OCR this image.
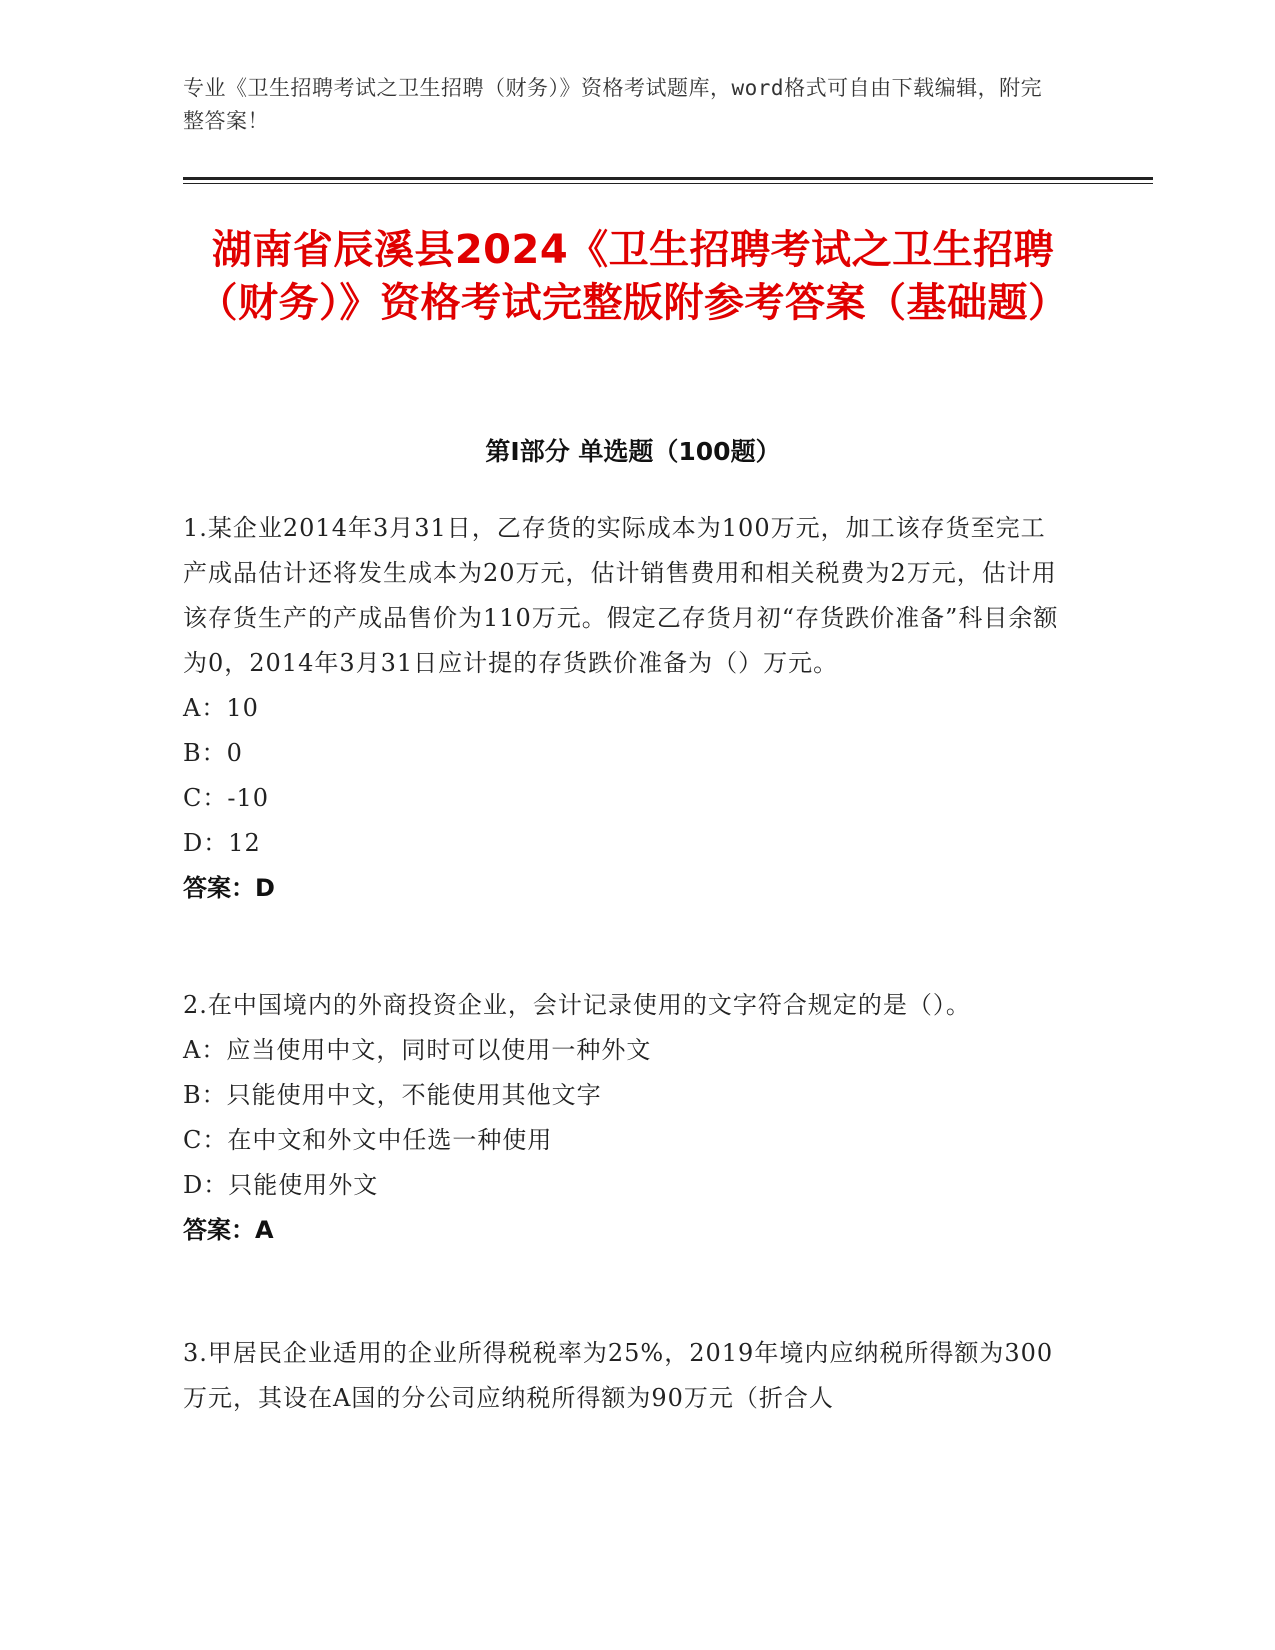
专业《卫生招聘考试之卫生招聘（财务）》资格考试题库，word格式可自由下载编辑，附完整答案！
湖南省辰溪县2024《卫生招聘考试之卫生招聘（财务）》资格考试完整版附参考答案（基础题）
第I部分 单选题（100题）
1.某企业2014年3月31日，乙存货的实际成本为100万元，加工该存货至完工产成品估计还将发生成本为20万元，估计销售费用和相关税费为2万元，估计用该存货生产的产成品售价为110万元。假定乙存货月初“存货跌价准备”科目余额为0，2014年3月31日应计提的存货跌价准备为（）万元。
A：10
B：0
C：-10
D：12
答案：D
2.在中国境内的外商投资企业，会计记录使用的文字符合规定的是（）。
A：应当使用中文，同时可以使用一种外文
B：只能使用中文，不能使用其他文字
C：在中文和外文中任选一种使用
D：只能使用外文
答案：A
3.甲居民企业适用的企业所得税税率为25%，2019年境内应纳税所得额为300万元，其设在A国的分公司应纳税所得额为90万元（折合人
